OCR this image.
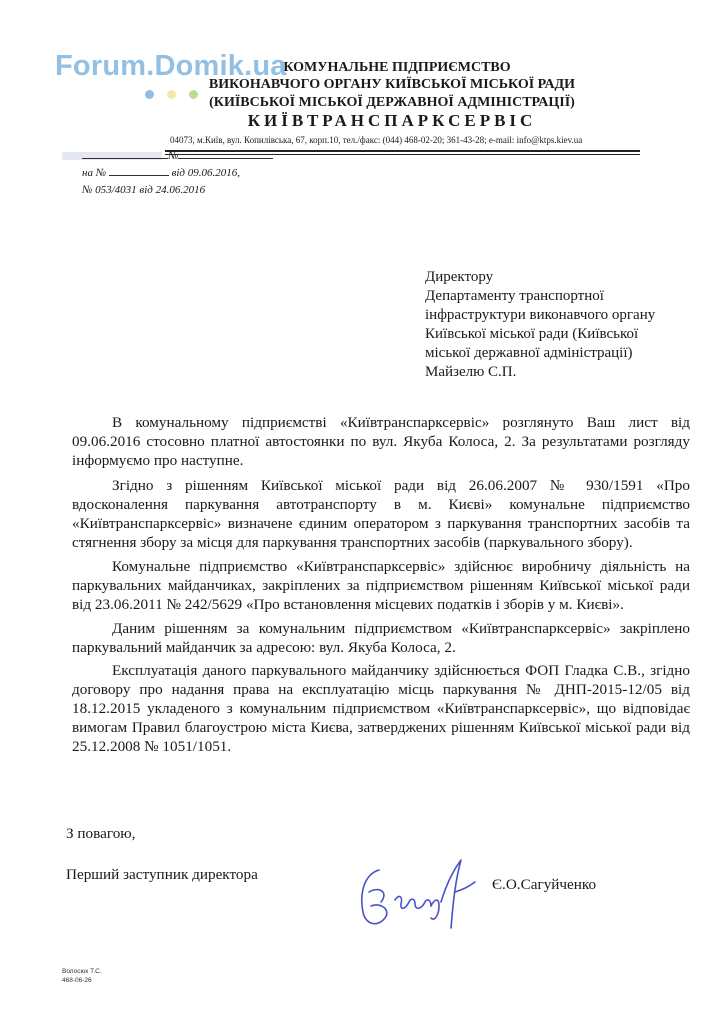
Forum.Domik.ua
КОМУНАЛЬНЕ ПІДПРИЄМСТВО
ВИКОНАВЧОГО ОРГАНУ КИЇВСЬКОЇ МІСЬКОЇ РАДИ
(КИЇВСЬКОЇ МІСЬКОЇ ДЕРЖАВНОЇ АДМІНІСТРАЦІЇ)
КИЇВТРАНСПАРКСЕРВІС
04073, м.Київ, вул. Копилівська, 67, корп.10, тел./факс: (044) 468-02-20; 361-43-28; e-mail: info@ktps.kiev.ua
№
на №	від 09.06.2016,
№ 053/4031 від 24.06.2016
Директору
Департаменту транспортної
інфраструктури виконавчого органу
Київської міської ради (Київської
міської державної адміністрації)
Майзелю С.П.

В комунальному підприємстві «Київтранспарксервіс» розглянуто Ваш лист від 09.06.2016 стосовно платної автостоянки по вул. Якуба Колоса, 2. За результатами розгляду інформуємо про наступне.

Згідно з рішенням Київської міської ради від 26.06.2007 № 930/1591 «Про вдосконалення паркування автотранспорту в м. Києві» комунальне підприємство «Київтранспарксервіс» визначене єдиним оператором з паркування транспортних засобів та стягнення збору за місця для паркування транспортних засобів (паркувального збору).

Комунальне підприємство «Київтранспарксервіс» здійснює виробничу діяльність на паркувальних майданчиках, закріплених за підприємством рішенням Київської міської ради від 23.06.2011 № 242/5629 «Про встановлення місцевих податків і зборів у м. Києві».

Даним рішенням за комунальним підприємством «Київтранспарксервіс» закріплено паркувальний майданчик за адресою: вул. Якуба Колоса, 2.

Експлуатація даного паркувального майданчику здійснюється ФОП Гладка С.В., згідно договору про надання права на експлуатацію місць паркування № ДНП-2015-12/05 від 18.12.2015 укладеного з комунальним підприємством «Київтранспарксервіс», що відповідає вимогам Правил благоустрою міста Києва, затверджених рішенням Київської міської ради від 25.12.2008 № 1051/1051.

З повагою,
Перший заступник директора
Є.О.Сагуйченко
Волосюк Т.С.
468-06-26
